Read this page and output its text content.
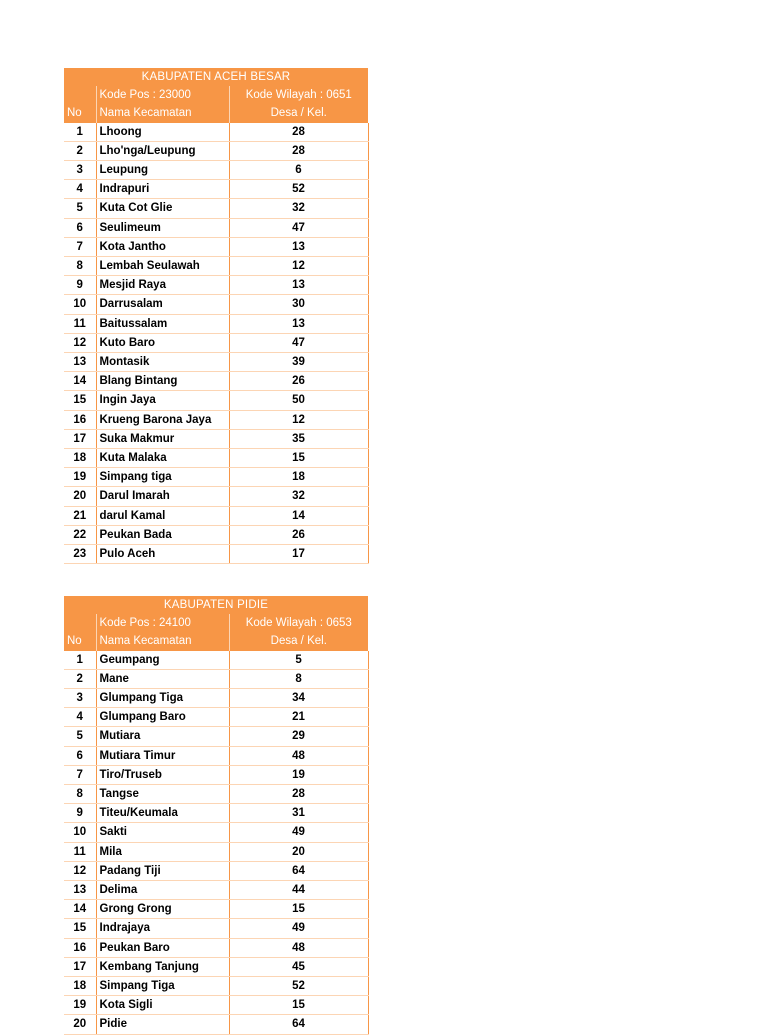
KABUPATEN ACEH BESAR		
	Kode Pos : 23000	Kode Wilayah : 0651
No	Nama Kecamatan	Desa / Kel.
1	Lhoong	28
2	Lho'nga/Leupung	28
3	Leupung	6
4	Indrapuri	52
5	Kuta Cot Glie	32
6	Seulimeum	47
7	Kota Jantho	13
8	Lembah Seulawah	12
9	Mesjid Raya	13
10	Darrusalam	30
11	Baitussalam	13
12	Kuto Baro	47
13	Montasik	39
14	Blang Bintang	26
15	Ingin Jaya	50
16	Krueng Barona Jaya	12
17	Suka Makmur	35
18	Kuta Malaka	15
19	Simpang tiga	18
20	Darul Imarah	32
21	darul Kamal	14
22	Peukan Bada	26
23	Pulo Aceh	17
KABUPATEN PIDIE		
	Kode Pos : 24100	Kode Wilayah : 0653
No	Nama Kecamatan	Desa / Kel.
1	Geumpang	5
2	Mane	8
3	Glumpang Tiga	34
4	Glumpang Baro	21
5	Mutiara	29
6	Mutiara Timur	48
7	Tiro/Truseb	19
8	Tangse	28
9	Titeu/Keumala	31
10	Sakti	49
11	Mila	20
12	Padang Tiji	64
13	Delima	44
14	Grong Grong	15
15	Indrajaya	49
16	Peukan Baro	48
17	Kembang Tanjung	45
18	Simpang Tiga	52
19	Kota Sigli	15
20	Pidie	64
